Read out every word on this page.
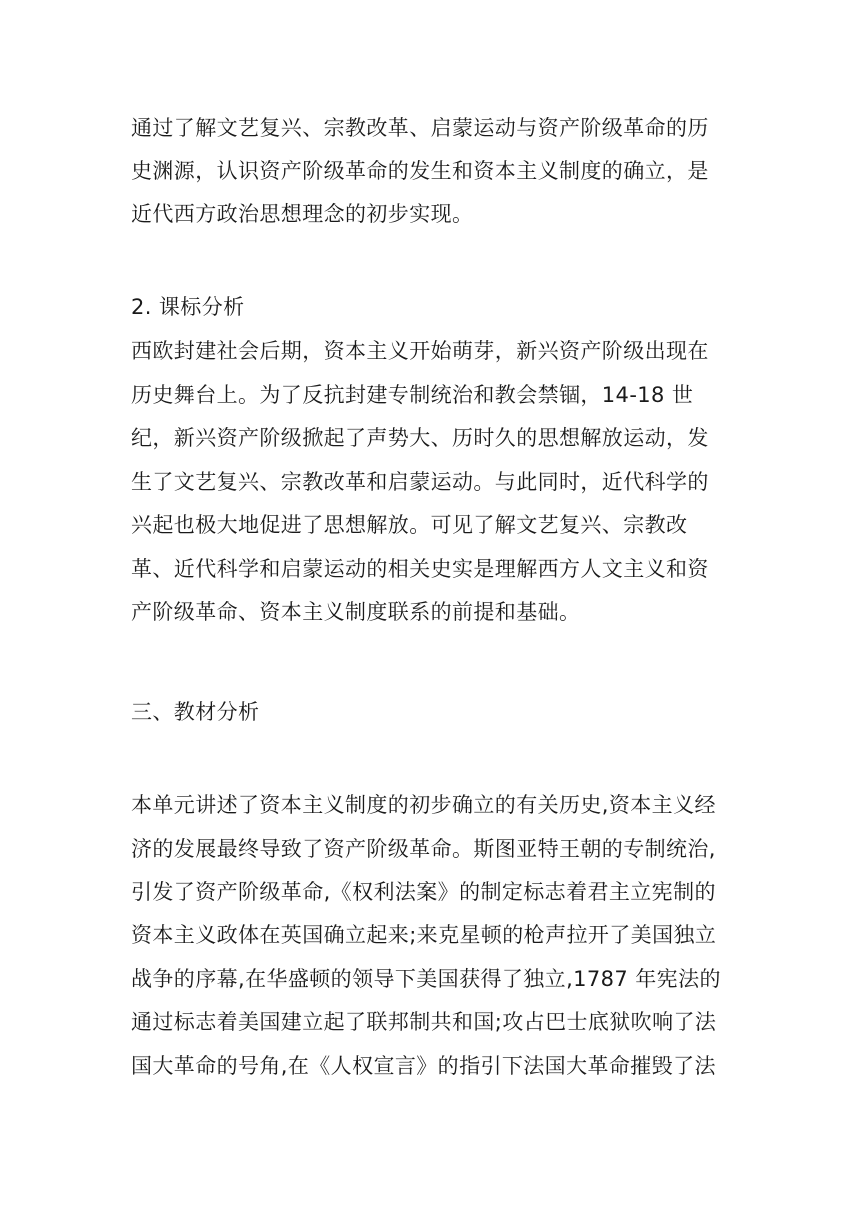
通过了解文艺复兴、宗教改革、启蒙运动与资产阶级革命的历
史渊源，认识资产阶级革命的发生和资本主义制度的确立，是
近代西方政治思想理念的初步实现。
2. 课标分析
西欧封建社会后期，资本主义开始萌芽，新兴资产阶级出现在
历史舞台上。为了反抗封建专制统治和教会禁锢，14-18 世
纪，新兴资产阶级掀起了声势大、历时久的思想解放运动，发
生了文艺复兴、宗教改革和启蒙运动。与此同时，近代科学的
兴起也极大地促进了思想解放。可见了解文艺复兴、宗教改
革、近代科学和启蒙运动的相关史实是理解西方人文主义和资
产阶级革命、资本主义制度联系的前提和基础。
三、教材分析
本单元讲述了资本主义制度的初步确立的有关历史,资本主义经
济的发展最终导致了资产阶级革命。斯图亚特王朝的专制统治,
引发了资产阶级革命,《权利法案》的制定标志着君主立宪制的
资本主义政体在英国确立起来;来克星顿的枪声拉开了美国独立
战争的序幕,在华盛顿的领导下美国获得了独立,1787 年宪法的
通过标志着美国建立起了联邦制共和国;攻占巴士底狱吹响了法
国大革命的号角,在《人权宣言》的指引下法国大革命摧毁了法
